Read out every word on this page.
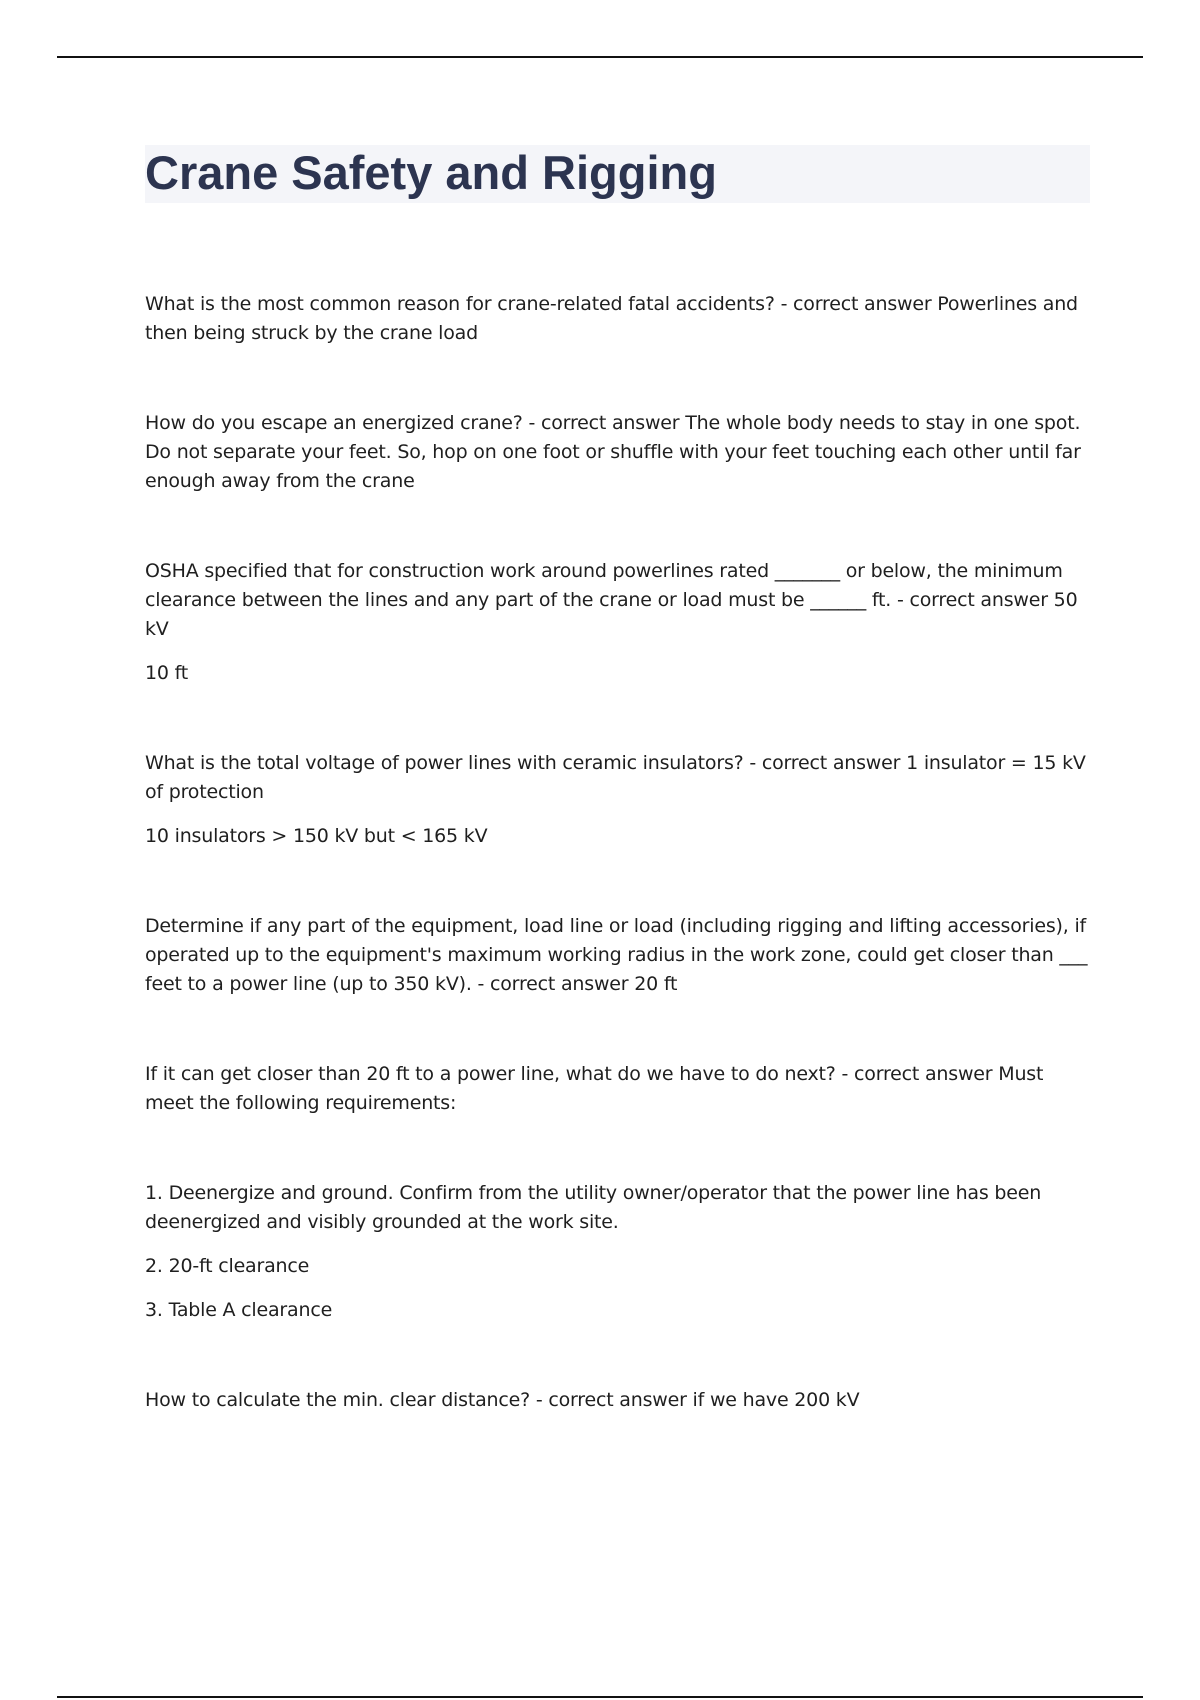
Crane Safety and Rigging

What is the most common reason for crane-related fatal accidents? - correct answer Powerlines and then being struck by the crane load

How do you escape an energized crane? - correct answer The whole body needs to stay in one spot. Do not separate your feet. So, hop on one foot or shuffle with your feet touching each other until far enough away from the crane

OSHA specified that for construction work around powerlines rated _______ or below, the minimum clearance between the lines and any part of the crane or load must be ______ ft. - correct answer 50 kV

10 ft

What is the total voltage of power lines with ceramic insulators? - correct answer 1 insulator = 15 kV of protection

10 insulators > 150 kV but < 165 kV

Determine if any part of the equipment, load line or load (including rigging and lifting accessories), if operated up to the equipment's maximum working radius in the work zone, could get closer than ___ feet to a power line (up to 350 kV). - correct answer 20 ft

If it can get closer than 20 ft to a power line, what do we have to do next? - correct answer Must meet the following requirements:

1. Deenergize and ground. Confirm from the utility owner/operator that the power line has been deenergized and visibly grounded at the work site.

2. 20-ft clearance

3. Table A clearance

How to calculate the min. clear distance? - correct answer if we have 200 kV
